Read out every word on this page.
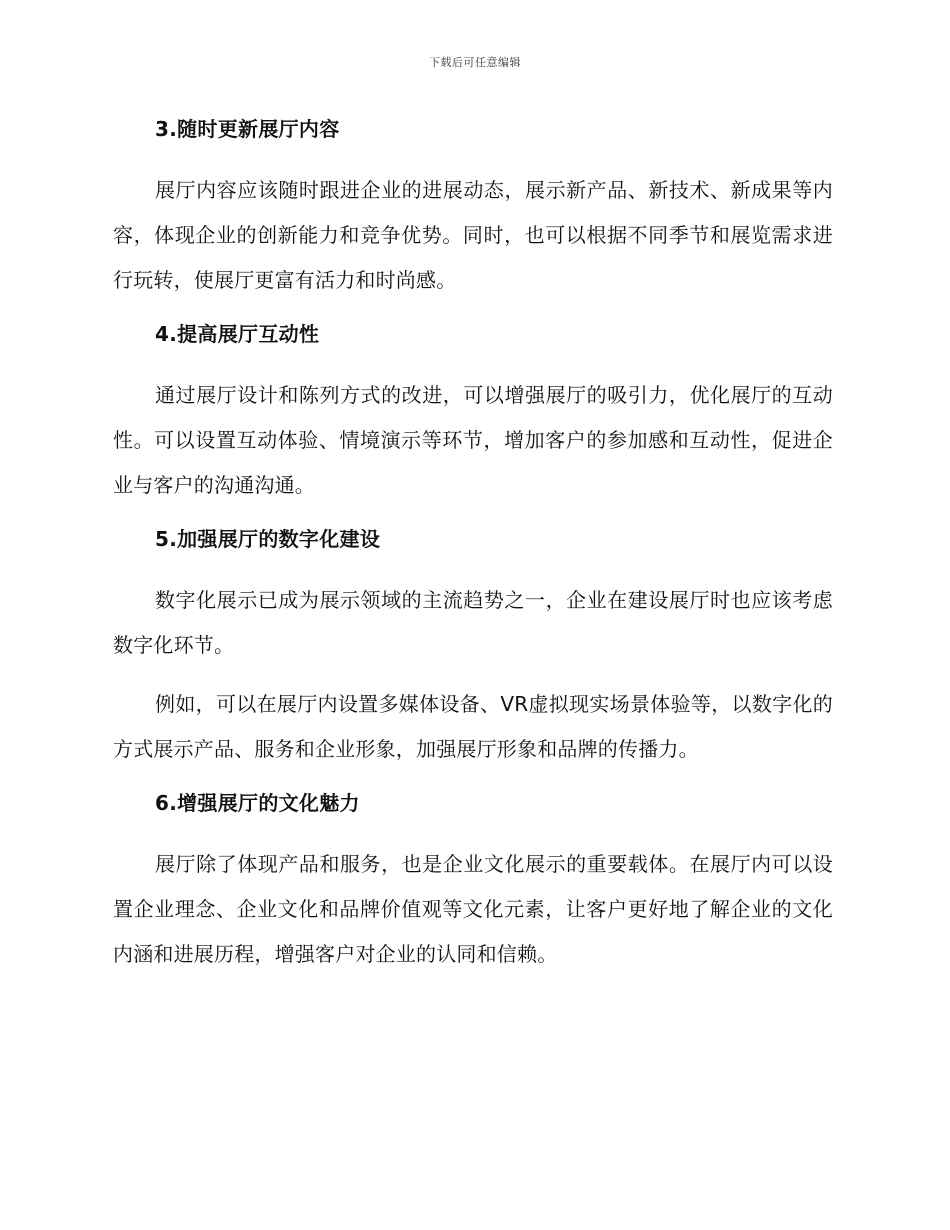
下载后可任意编辑
3.随时更新展厅内容

展厅内容应该随时跟进企业的进展动态，展示新产品、新技术、新成果等内容，体现企业的创新能力和竞争优势。同时，也可以根据不同季节和展览需求进行玩转，使展厅更富有活力和时尚感。

4.提高展厅互动性

通过展厅设计和陈列方式的改进，可以增强展厅的吸引力，优化展厅的互动性。可以设置互动体验、情境演示等环节，增加客户的参加感和互动性，促进企业与客户的沟通沟通。

5.加强展厅的数字化建设

数字化展示已成为展示领域的主流趋势之一，企业在建设展厅时也应该考虑数字化环节。

例如，可以在展厅内设置多媒体设备、VR虚拟现实场景体验等，以数字化的方式展示产品、服务和企业形象，加强展厅形象和品牌的传播力。

6.增强展厅的文化魅力

展厅除了体现产品和服务，也是企业文化展示的重要载体。在展厅内可以设置企业理念、企业文化和品牌价值观等文化元素，让客户更好地了解企业的文化内涵和进展历程，增强客户对企业的认同和信赖。
